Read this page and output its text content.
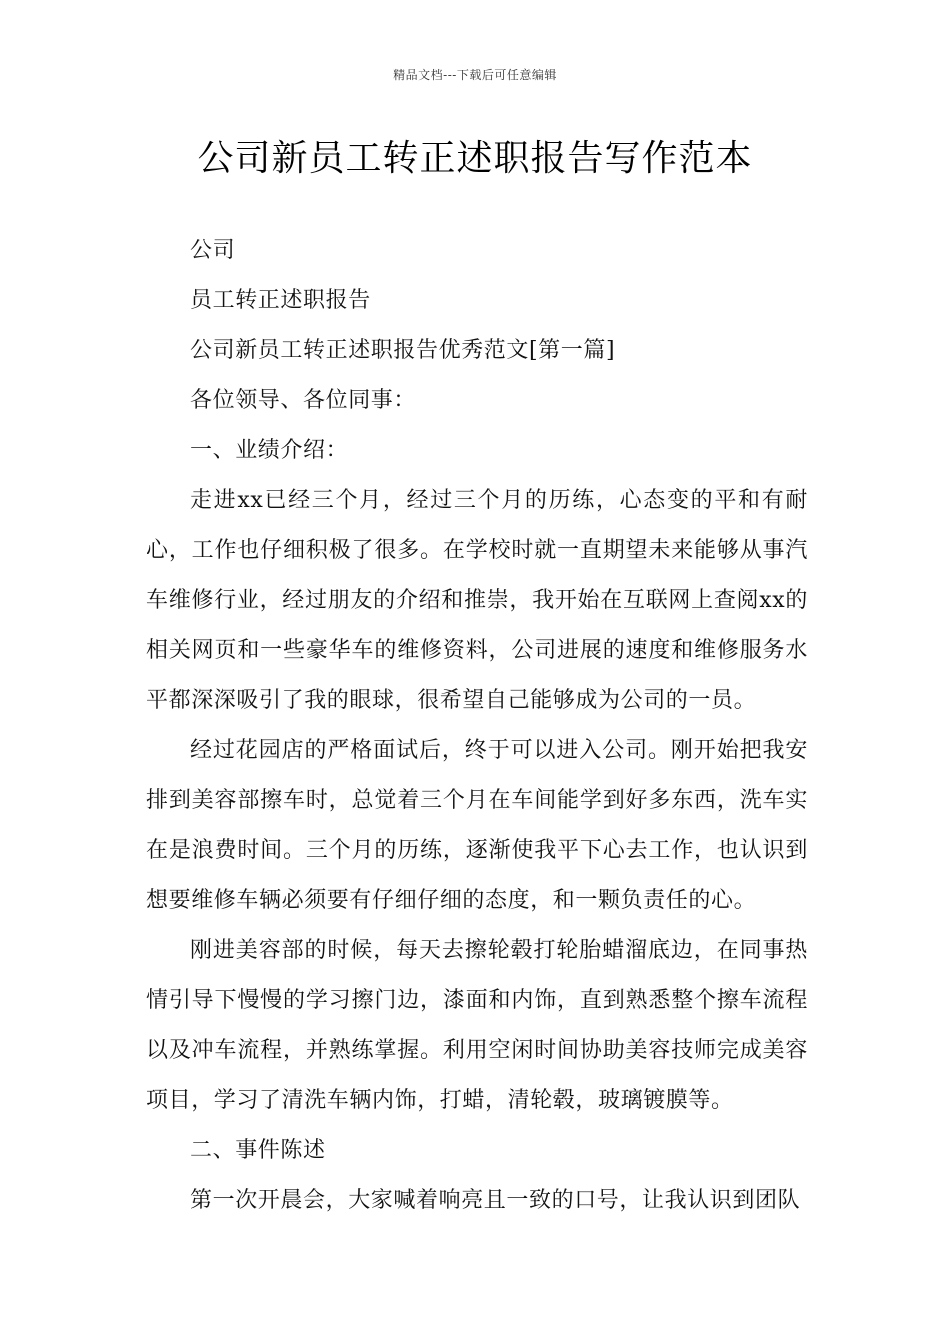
精品文档---下载后可任意编辑
公司新员工转正述职报告写作范本

公司

员工转正述职报告

公司新员工转正述职报告优秀范文[第一篇]

各位领导、各位同事：

一、业绩介绍：

走进xx已经三个月，经过三个月的历练，心态变的平和有耐心，工作也仔细积极了很多。在学校时就一直期望未来能够从事汽车维修行业，经过朋友的介绍和推崇，我开始在互联网上查阅xx的相关网页和一些豪华车的维修资料，公司进展的速度和维修服务水平都深深吸引了我的眼球，很希望自己能够成为公司的一员。

经过花园店的严格面试后，终于可以进入公司。刚开始把我安排到美容部擦车时，总觉着三个月在车间能学到好多东西，洗车实在是浪费时间。三个月的历练，逐渐使我平下心去工作，也认识到想要维修车辆必须要有仔细仔细的态度，和一颗负责任的心。

刚进美容部的时候，每天去擦轮毂打轮胎蜡溜底边，在同事热情引导下慢慢的学习擦门边，漆面和内饰，直到熟悉整个擦车流程以及冲车流程，并熟练掌握。利用空闲时间协助美容技师完成美容项目，学习了清洗车辆内饰，打蜡，清轮毂，玻璃镀膜等。

二、事件陈述

第一次开晨会，大家喊着响亮且一致的口号，让我认识到团队
